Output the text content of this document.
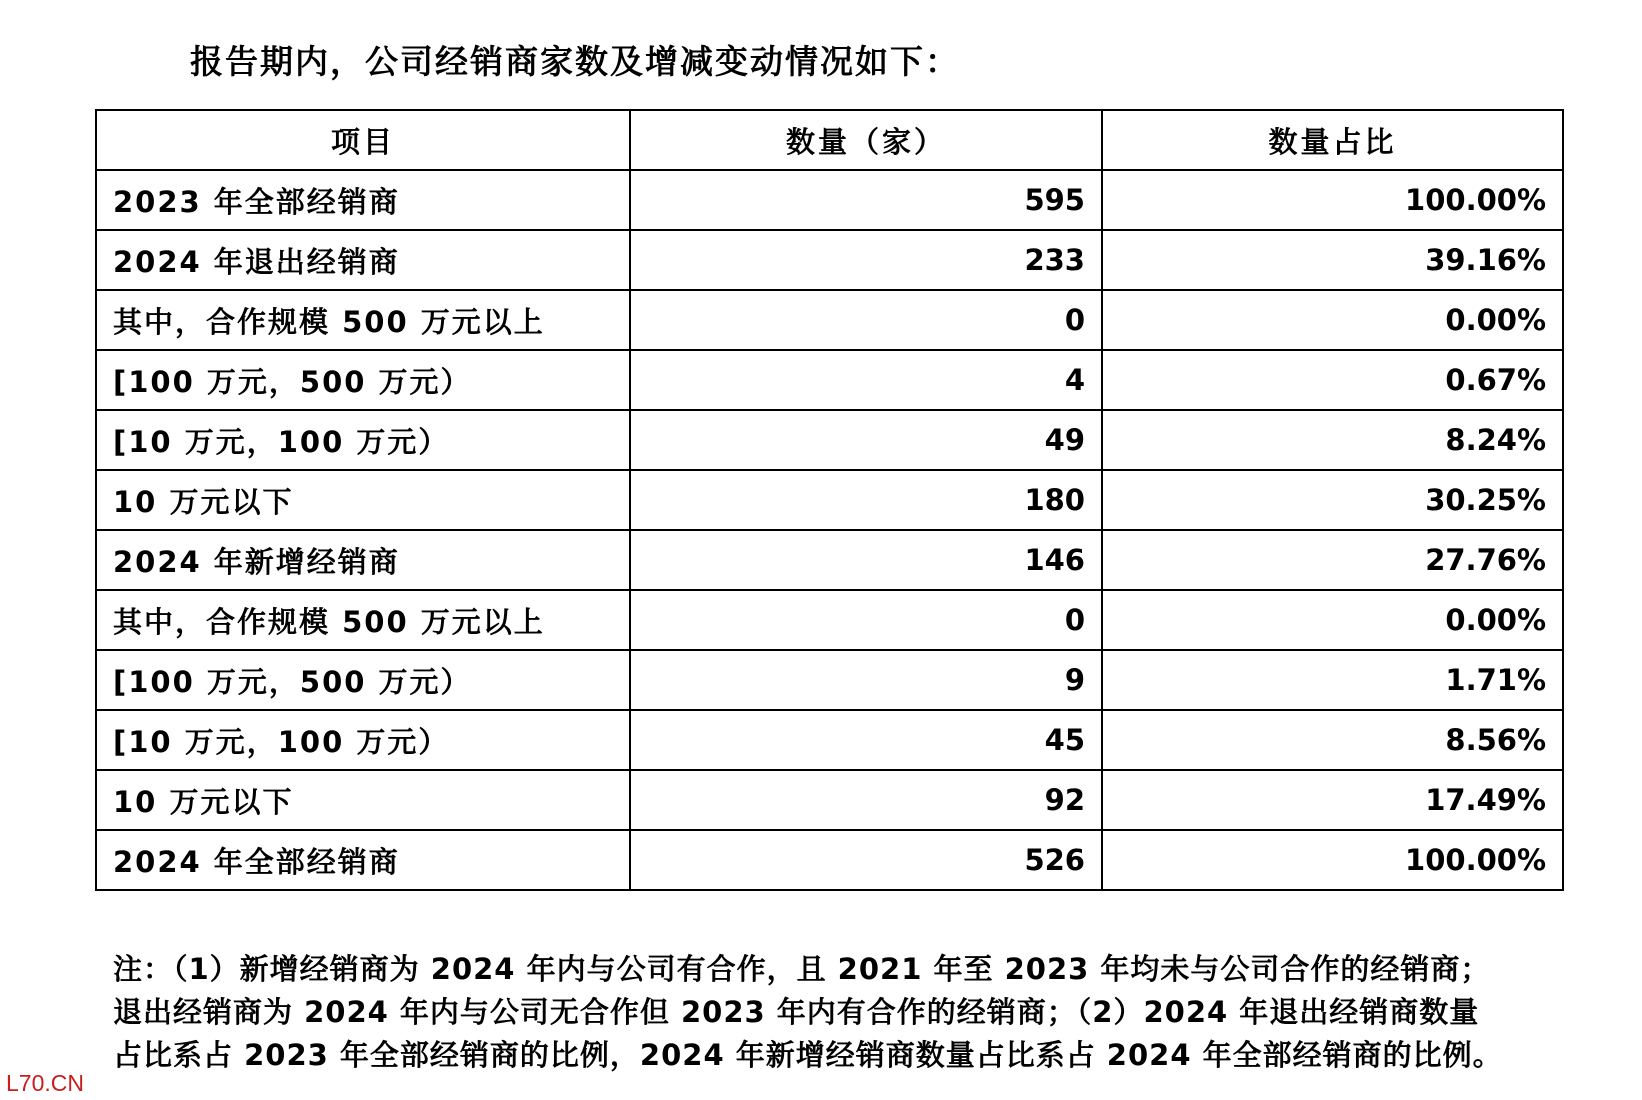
报告期内，公司经销商家数及增减变动情况如下：
项目	数量（家）	数量占比
2023 年全部经销商	595	100.00%
2024 年退出经销商	233	39.16%
其中，合作规模 500 万元以上	0	0.00%
[100 万元，500 万元）	4	0.67%
[10 万元，100 万元）	49	8.24%
10 万元以下	180	30.25%
2024 年新增经销商	146	27.76%
其中，合作规模 500 万元以上	0	0.00%
[100 万元，500 万元）	9	1.71%
[10 万元，100 万元）	45	8.56%
10 万元以下	92	17.49%
2024 年全部经销商	526	100.00%
注：（1）新增经销商为 2024 年内与公司有合作，且 2021 年至 2023 年均未与公司合作的经销商；
退出经销商为 2024 年内与公司无合作但 2023 年内有合作的经销商；（2）2024 年退出经销商数量
占比系占 2023 年全部经销商的比例，2024 年新增经销商数量占比系占 2024 年全部经销商的比例。
L70.CN
